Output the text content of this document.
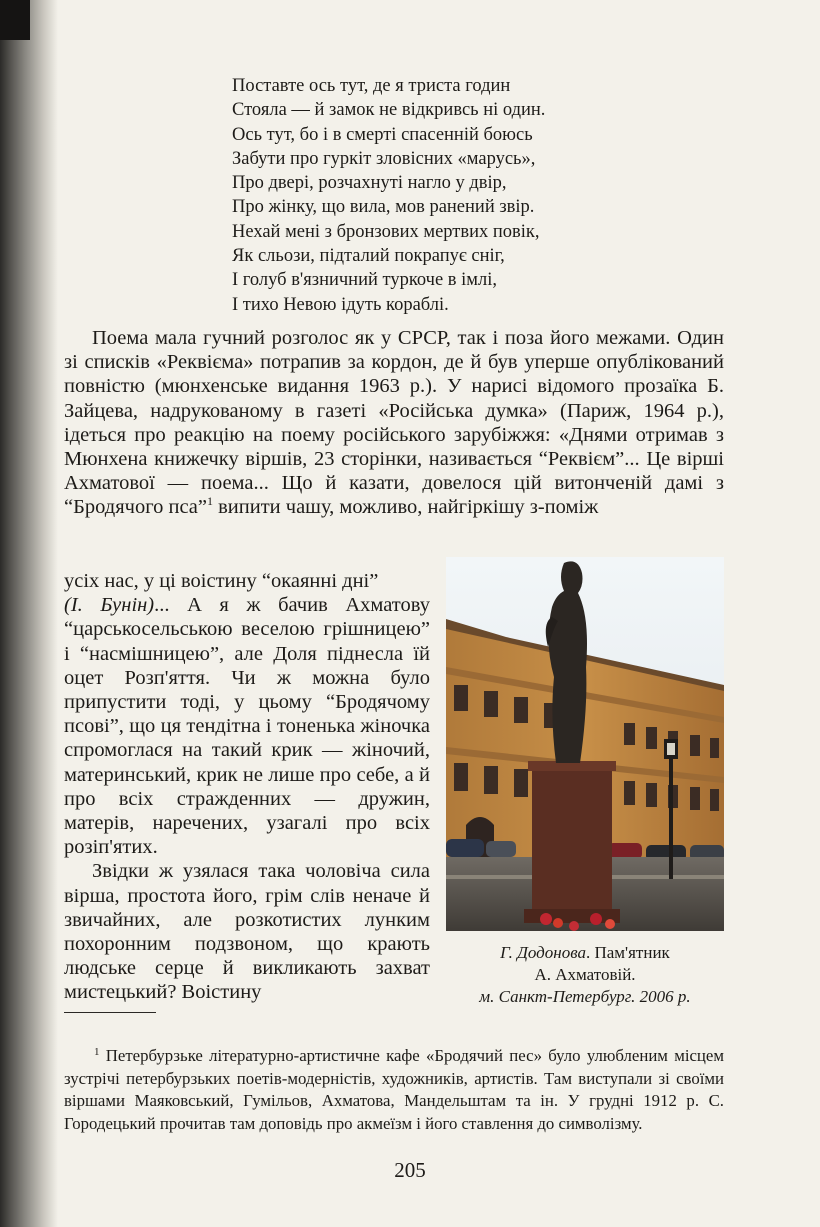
Поставте ось тут, де я триста годин
Стояла — й замок не відкривсь ні один.
Ось тут, бо і в смерті спасенній боюсь
Забути про гуркіт зловісних «марусь»,
Про двері, розчахнуті нагло у двір,
Про жінку, що вила, мов ранений звір.
Нехай мені з бронзових мертвих повік,
Як сльози, підталий покрапує сніг,
І голуб в'язничний туркоче в імлі,
І тихо Невою ідуть кораблі.

Поема мала гучний розголос як у СРСР, так і поза його межами. Один зі списків «Реквієма» потрапив за кордон, де й був уперше опублікований повністю (мюнхенське видання 1963 р.). У нарисі відомого прозаїка Б. Зайцева, надрукованому в газеті «Російська думка» (Париж, 1964 р.), ідеться про реакцію на поему російського зарубіжжя: «Днями отримав з Мюнхена книжечку віршів, 23 сторінки, називається “Реквієм”... Це вірші Ахматової — поема... Що й казати, довелося цій витонченій дамі з “Бродячого пса”$^1$ випити чашу, можливо, найгіркішу з-поміж

усіх нас, у ці воістину “окаянні дні”

(І. Бунін)... А я ж бачив Ахматову “царськосельською веселою грішницею” і “насмішницею”, але Доля піднесла їй оцет Розп'яття. Чи ж можна було припустити тоді, у цьому “Бродячому псові”, що ця тендітна і тоненька жіночка спромоглася на такий крик — жіночий, материнський, крик не лише про себе, а й про всіх стражденних — дружин, матерів, наречених, узагалі про всіх розіп'ятих.

Звідки ж узялася така чоловіча сила вірша, простота його, грім слів неначе й звичайних, але розкотистих лунким похоронним подзвоном, що крають людське серце й викликають захват мистецький? Воістину

Г. Додонова. Пам'ятник
А. Ахматовій.
м. Санкт-Петербург. 2006 р.

$^1$ Петербурзьке літературно-артистичне кафе «Бродячий пес» було улюбленим місцем зустрічі петербурзьких поетів-модерністів, художників, артистів. Там виступали зі своїми віршами Маяковський, Гумільов, Ахматова, Мандельштам та ін. У грудні 1912 р. С. Городецький прочитав там доповідь про акмеїзм і його ставлення до символізму.

205
